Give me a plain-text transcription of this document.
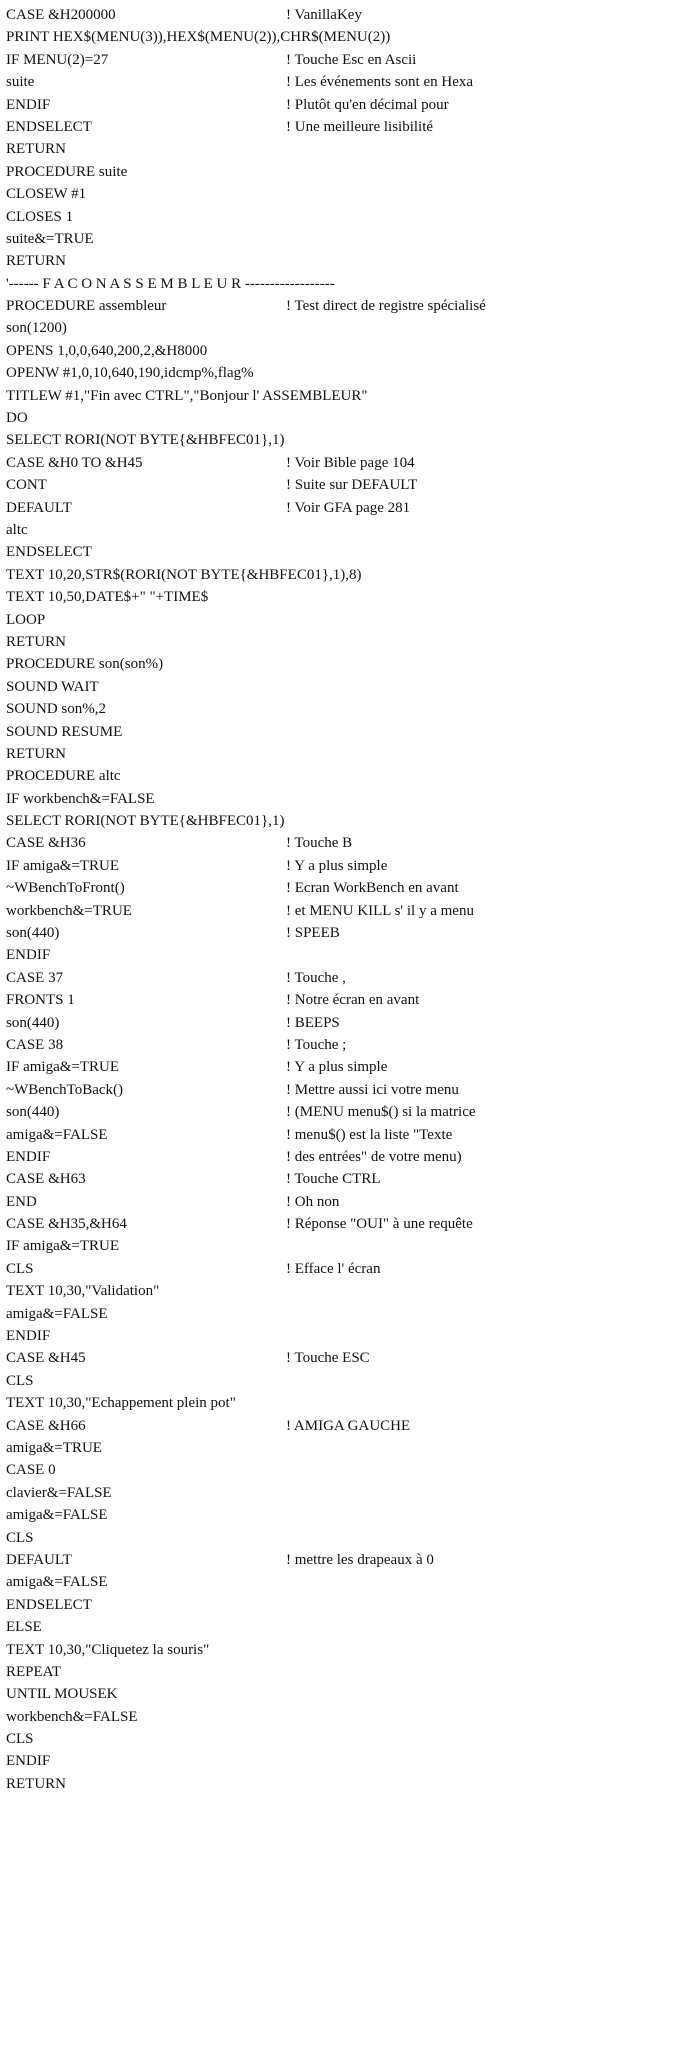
CASE &H200000	! VanillaKey
PRINT HEX$(MENU(3)),HEX$(MENU(2)),CHR$(MENU(2))
IF MENU(2)=27	! Touche Esc en Ascii
suite	! Les événements sont en Hexa
ENDIF	! Plutôt qu'en décimal pour
ENDSELECT	! Une meilleure lisibilité
RETURN
PROCEDURE suite
CLOSEW #1
CLOSES 1
suite&=TRUE
RETURN
'------ F A C O N A S S E M B L E U R ------------------
PROCEDURE assembleur	! Test direct de registre spécialisé
son(1200)
OPENS 1,0,0,640,200,2,&H8000
OPENW #1,0,10,640,190,idcmp%,flag%
TITLEW #1,"Fin avec CTRL","Bonjour l' ASSEMBLEUR"
DO
SELECT RORI(NOT BYTE{&HBFEC01},1)
CASE &H0 TO &H45	! Voir Bible page 104
CONT	! Suite sur DEFAULT
DEFAULT	! Voir GFA page 281
altc
ENDSELECT
TEXT 10,20,STR$(RORI(NOT BYTE{&HBFEC01},1),8)
TEXT 10,50,DATE$+" "+TIME$
LOOP
RETURN
PROCEDURE son(son%)
SOUND WAIT
SOUND son%,2
SOUND RESUME
RETURN
PROCEDURE altc
IF workbench&=FALSE
SELECT RORI(NOT BYTE{&HBFEC01},1)
CASE &H36	! Touche B
IF amiga&=TRUE	! Y a plus simple
~WBenchToFront()	! Ecran WorkBench en avant
workbench&=TRUE	! et MENU KILL s' il y a menu
son(440)	! SPEEB
ENDIF
CASE 37	! Touche ,
FRONTS 1	! Notre écran en avant
son(440)	! BEEPS
CASE 38	! Touche ;
IF amiga&=TRUE	! Y a plus simple
~WBenchToBack()	! Mettre aussi ici votre menu
son(440)	! (MENU menu$() si la matrice
amiga&=FALSE	! menu$() est la liste "Texte
ENDIF	! des entrées" de votre menu)
CASE &H63	! Touche CTRL
END	! Oh non
CASE &H35,&H64	! Réponse "OUI" à une requête
IF amiga&=TRUE
CLS	! Efface l' écran
TEXT 10,30,"Validation"
amiga&=FALSE
ENDIF
CASE &H45	! Touche ESC
CLS
TEXT 10,30,"Echappement plein pot"
CASE &H66	! AMIGA GAUCHE
amiga&=TRUE
CASE 0
clavier&=FALSE
amiga&=FALSE
CLS
DEFAULT	! mettre les drapeaux à 0
amiga&=FALSE
ENDSELECT
ELSE
TEXT 10,30,"Cliquetez la souris"
REPEAT
UNTIL MOUSEK
workbench&=FALSE
CLS
ENDIF
RETURN
